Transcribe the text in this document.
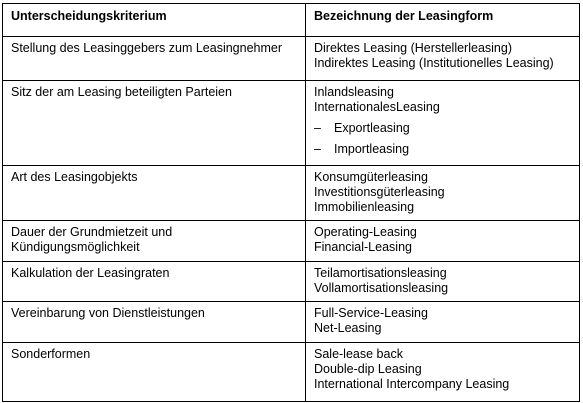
Unterscheidungskriterium	Bezeichnung der Leasingform

Stellung des Leasinggebers zum Leasingnehmer	Direktes Leasing (Herstellerleasing)
Indirektes Leasing (Institutionelles Leasing)

Sitz der am Leasing beteiligten Parteien	Inlandsleasing
InternationalesLeasing
– Exportleasing
– Importleasing

Art des Leasingobjekts	Konsumgüterleasing
Investitionsgüterleasing
Immobilienleasing

Dauer der Grundmietzeit und
Kündigungsmöglichkeit	Operating-Leasing
Financial-Leasing

Kalkulation der Leasingraten	Teilamortisationsleasing
Vollamortisationsleasing

Vereinbarung von Dienstleistungen	Full-Service-Leasing
Net-Leasing

Sonderformen	Sale-lease back
Double-dip Leasing
International Intercompany Leasing
